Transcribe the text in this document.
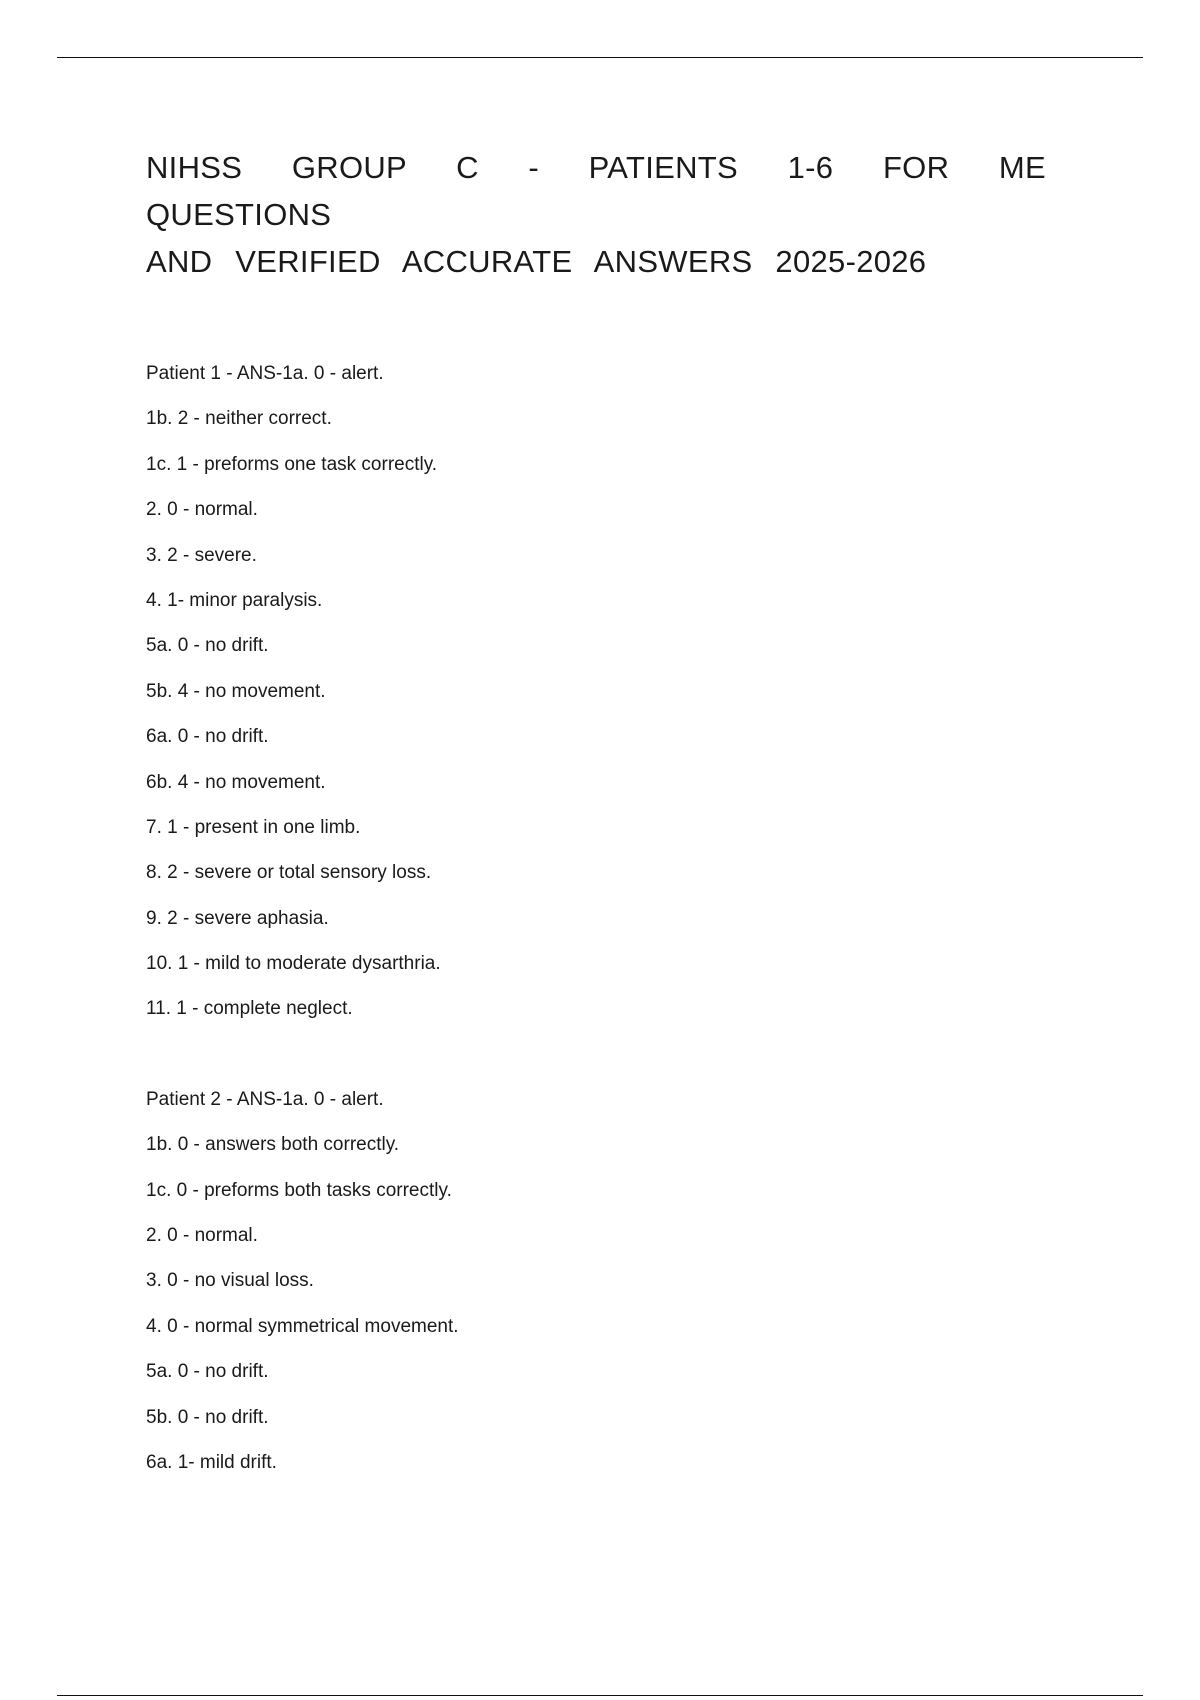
NIHSS GROUP C - PATIENTS 1-6 FOR ME QUESTIONS
AND VERIFIED ACCURATE ANSWERS 2025-2026
Patient 1 - ANS-1a. 0 - alert.
1b. 2 - neither correct.
1c. 1 - preforms one task correctly.
2. 0 - normal.
3. 2 - severe.
4. 1- minor paralysis.
5a. 0 - no drift.
5b. 4 - no movement.
6a. 0 - no drift.
6b. 4 - no movement.
7. 1 - present in one limb.
8. 2 - severe or total sensory loss.
9. 2 - severe aphasia.
10. 1 - mild to moderate dysarthria.
11. 1 - complete neglect.
Patient 2 - ANS-1a. 0 - alert.
1b. 0 - answers both correctly.
1c. 0 - preforms both tasks correctly.
2. 0 - normal.
3. 0 - no visual loss.
4. 0 - normal symmetrical movement.
5a. 0 - no drift.
5b. 0 - no drift.
6a. 1- mild drift.
